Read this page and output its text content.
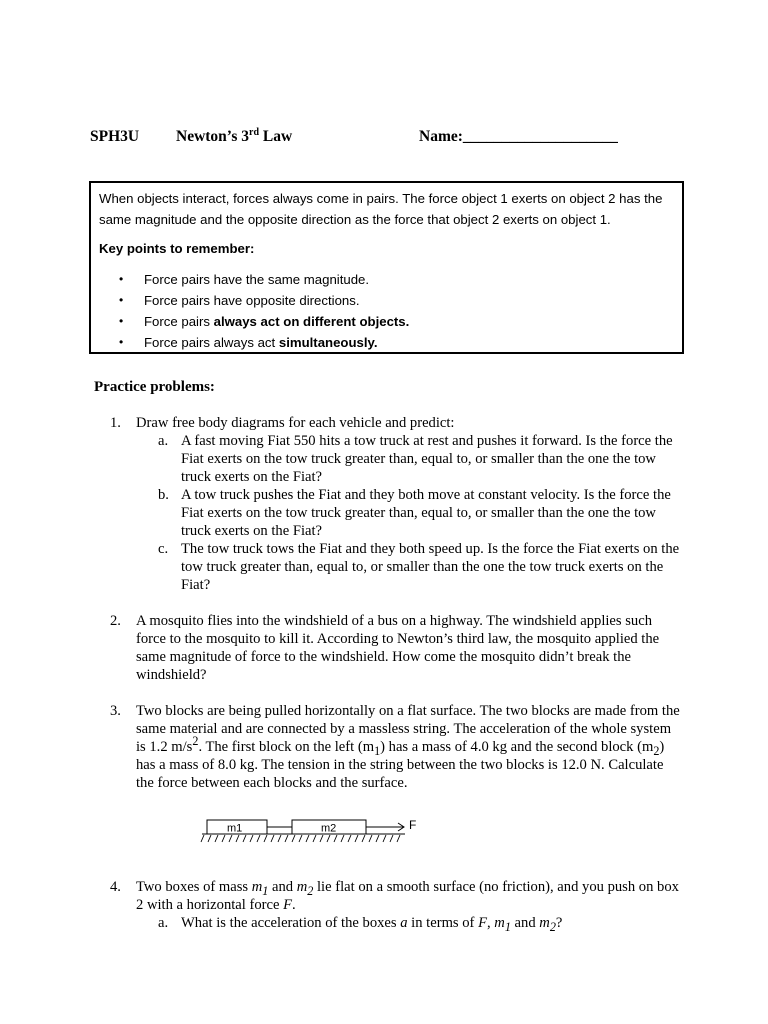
SPH3U Newton’s 3rd Law	Name:____________________

When objects interact, forces always come in pairs. The force object 1 exerts on object 2 has the same magnitude and the opposite direction as the force that object 2 exerts on object 1.

Key points to remember:

• Force pairs have the same magnitude.
• Force pairs have opposite directions.
• Force pairs always act on different objects.
• Force pairs always act simultaneously.
Practice problems:
1. Draw free body diagrams for each vehicle and predict:
a. A fast moving Fiat 550 hits a tow truck at rest and pushes it forward. Is the force the Fiat exerts on the tow truck greater than, equal to, or smaller than the one the tow truck exerts on the Fiat?
b. A tow truck pushes the Fiat and they both move at constant velocity. Is the force the Fiat exerts on the tow truck greater than, equal to, or smaller than the one the tow truck exerts on the Fiat?
c. The tow truck tows the Fiat and they both speed up. Is the force the Fiat exerts on the tow truck greater than, equal to, or smaller than the one the tow truck exerts on the Fiat?
2. A mosquito flies into the windshield of a bus on a highway. The windshield applies such force to the mosquito to kill it. According to Newton’s third law, the mosquito applied the same magnitude of force to the windshield. How come the mosquito didn’t break the windshield?
3. Two blocks are being pulled horizontally on a flat surface. The two blocks are made from the same material and are connected by a massless string. The acceleration of the whole system is 1.2 $m/s^2$. The first block on the left $(m_1)$ has a mass of 4.0 kg and the second block $(m_2)$ has a mass of 8.0 kg. The tension in the string between the two blocks is 12.0 N. Calculate the force between each blocks and the surface.
4. Two boxes of mass $m_1$ and $m_2$ lie flat on a smooth surface (no friction), and you push on box 2 with a horizontal force F.
a. What is the acceleration of the boxes a in terms of F, $m_1$ and $m_2$?
m1	m2	F
